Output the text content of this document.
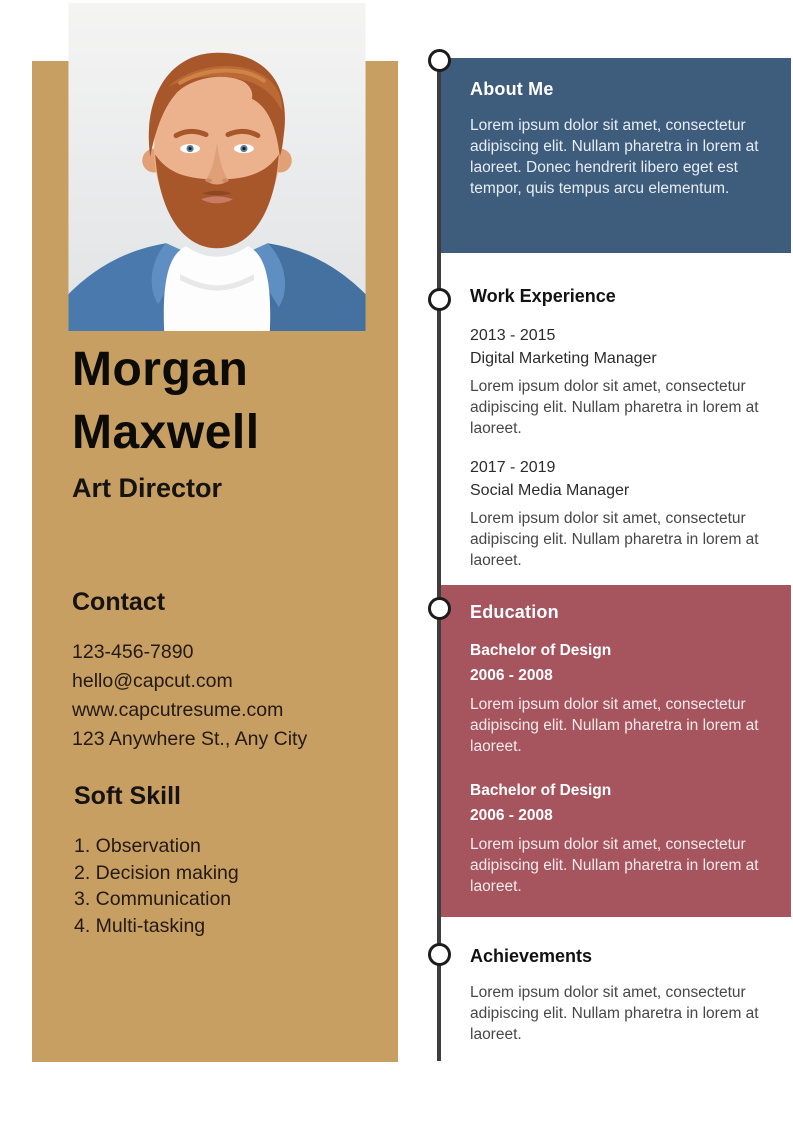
Morgan
Maxwell
Art Director
Contact
123-456-7890
hello@capcut.com
www.capcutresume.com
123 Anywhere St., Any City
Soft Skill
1. Observation
2. Decision making
3. Communication
4. Multi-tasking
About Me

Lorem ipsum dolor sit amet, consectetur adipiscing elit. Nullam pharetra in lorem at laoreet. Donec hendrerit libero eget est tempor, quis tempus arcu elementum.

Work Experience
2013 - 2015
Digital Marketing Manager

Lorem ipsum dolor sit amet, consectetur adipiscing elit. Nullam pharetra in lorem at laoreet.

2017 - 2019
Social Media Manager

Lorem ipsum dolor sit amet, consectetur adipiscing elit. Nullam pharetra in lorem at laoreet.

Education
Bachelor of Design
2006 - 2008

Lorem ipsum dolor sit amet, consectetur adipiscing elit. Nullam pharetra in lorem at laoreet.

Bachelor of Design
2006 - 2008

Lorem ipsum dolor sit amet, consectetur adipiscing elit. Nullam pharetra in lorem at laoreet.

Achievements

Lorem ipsum dolor sit amet, consectetur adipiscing elit. Nullam pharetra in lorem at laoreet.
